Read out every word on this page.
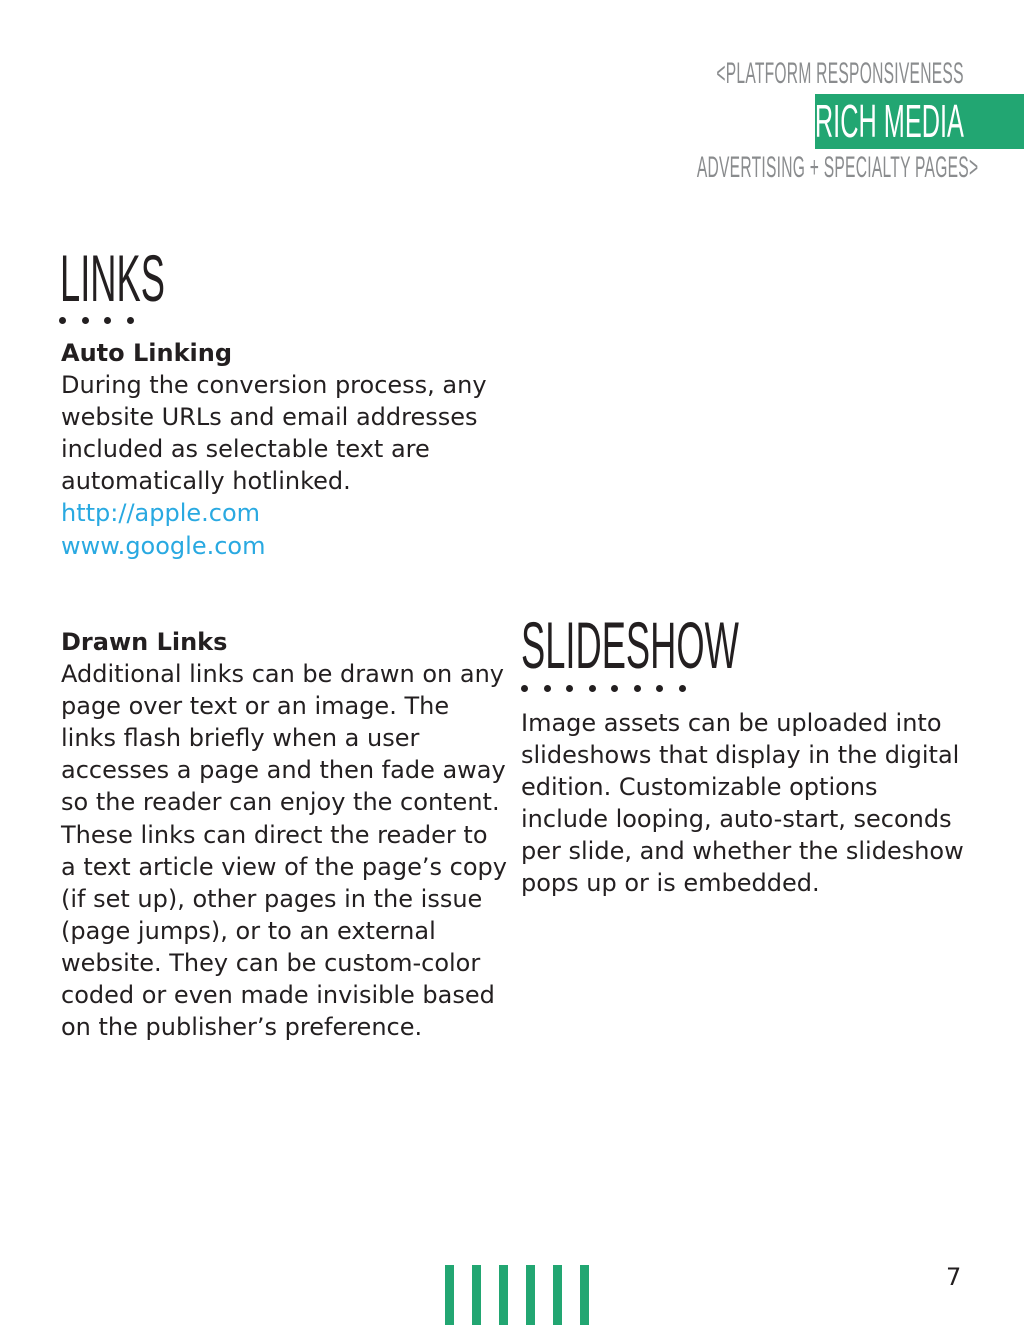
<PLATFORM RESPONSIVENESS
RICH MEDIA
ADVERTISING + SPECIALTY PAGES>
LINKS
Auto Linking
During the conversion process, any website URLs and email addresses included as selectable text are automatically hotlinked.
http://apple.com
www.google.com
Drawn Links
Additional links can be drawn on any page over text or an image. The links flash briefly when a user accesses a page and then fade away so the reader can enjoy the content. These links can direct the reader to a text article view of the page’s copy (if set up), other pages in the issue (page jumps), or to an external website. They can be custom-color coded or even made invisible based on the publisher’s preference.
SLIDESHOW
Image assets can be uploaded into slideshows that display in the digital edition. Customizable options include looping, auto-start, seconds per slide, and whether the slideshow pops up or is embedded.
7
